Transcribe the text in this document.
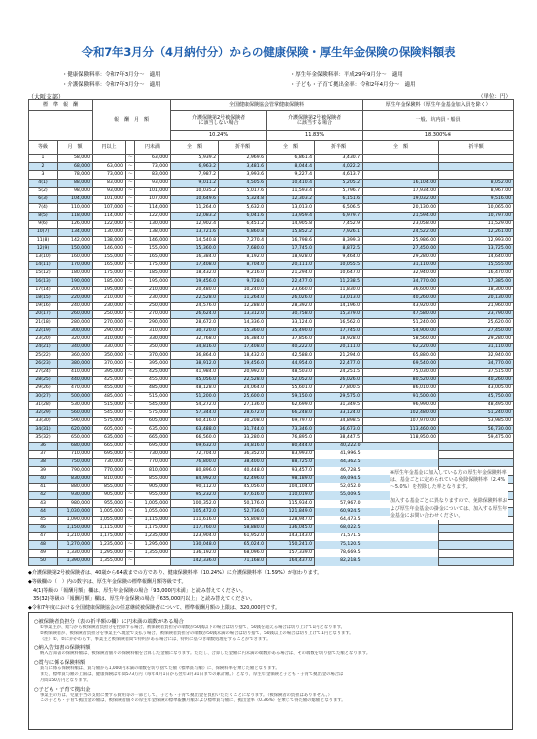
令和7年3月分（4月納付分）からの健康保険・厚生年金保険の保険料額表
・健康保険料率：令和7年3月分～　適用	・厚生年金保険料率：平成29年9月分～　適用
・介護保険料率：令和7年3月分～　適用	・子ども・子育て拠出金率：令和2年4月分～　適用
（大阪支部）	（単位：円）
標　準　報　酬		報　酬　月　額			全国健康保険協会管掌健康保険料				厚生年金保険料（厚生年金基金加入員を除く）	
					介護保険第2号被保険者
に該当しない場合		介護保険第2号被保険者
に該当する場合		一般、坑内員・船員	
					10.24%		11.83%		18.300%※	
等級	月　額	円以上		円未満	全　額	折半額	全　額	折半額	全　額	折半額
1	58,000		～	63,000	5,939.2	2,969.6	6,861.4	3,430.7		
2	68,000	63,000	～	73,000	6,963.2	3,481.6	8,044.4	4,022.2		
3	78,000	73,000	～	83,000	7,987.2	3,993.6	9,227.4	4,613.7		
4(1)	88,000	83,000	～	93,000	9,011.2	4,505.6	10,410.4	5,205.2	16,104.00	8,052.00
5(2)	98,000	93,000	～	101,000	10,035.2	5,017.6	11,593.4	5,796.7	17,934.00	8,967.00
6(3)	104,000	101,000	～	107,000	10,649.6	5,324.8	12,303.2	6,151.6	19,032.00	9,516.00
7(4)	110,000	107,000	～	114,000	11,264.0	5,632.0	13,013.0	6,506.5	20,130.00	10,065.00
8(5)	118,000	114,000	～	122,000	12,083.2	6,041.6	13,959.4	6,979.7	21,594.00	10,797.00
9(6)	126,000	122,000	～	130,000	12,902.4	6,451.2	14,905.8	7,452.9	23,058.00	11,529.00
10(7)	134,000	130,000	～	138,000	13,721.6	6,860.8	15,852.2	7,926.1	24,522.00	12,261.00
11(8)	142,000	138,000	～	146,000	14,540.8	7,270.4	16,798.6	8,399.3	25,986.00	12,993.00
12(9)	150,000	146,000	～	155,000	15,360.0	7,680.0	17,745.0	8,872.5	27,450.00	13,725.00
13(10)	160,000	155,000	～	165,000	16,384.0	8,192.0	18,928.0	9,464.0	29,280.00	14,640.00
14(11)	170,000	165,000	～	175,000	17,408.0	8,704.0	20,111.0	10,055.5	31,110.00	15,555.00
15(12)	180,000	175,000	～	185,000	18,432.0	9,216.0	21,294.0	10,647.0	32,940.00	16,470.00
16(13)	190,000	185,000	～	195,000	19,456.0	9,728.0	22,477.0	11,238.5	34,770.00	17,385.00
17(14)	200,000	195,000	～	210,000	20,480.0	10,240.0	23,660.0	11,830.0	36,600.00	18,300.00
18(15)	220,000	210,000	～	230,000	22,528.0	11,264.0	26,026.0	13,013.0	40,260.00	20,130.00
19(16)	240,000	230,000	～	250,000	24,576.0	12,288.0	28,392.0	14,196.0	43,920.00	21,960.00
20(17)	260,000	250,000	～	270,000	26,624.0	13,312.0	30,758.0	15,379.0	47,580.00	23,790.00
21(18)	280,000	270,000	～	290,000	28,672.0	14,336.0	33,124.0	16,562.0	51,240.00	25,620.00
22(19)	300,000	290,000	～	310,000	30,720.0	15,360.0	35,490.0	17,745.0	54,900.00	27,450.00
23(20)	320,000	310,000	～	330,000	32,768.0	16,384.0	37,856.0	18,928.0	58,560.00	29,280.00
24(21)	340,000	330,000	～	350,000	34,816.0	17,408.0	40,222.0	20,111.0	62,220.00	31,110.00
25(22)	360,000	350,000	～	370,000	36,864.0	18,432.0	42,588.0	21,294.0	65,880.00	32,940.00
26(23)	380,000	370,000	～	395,000	38,912.0	19,456.0	44,954.0	22,477.0	69,540.00	34,770.00
27(24)	410,000	395,000	～	425,000	41,984.0	20,992.0	48,503.0	24,251.5	75,030.00	37,515.00
28(25)	440,000	425,000	～	455,000	45,056.0	22,528.0	52,052.0	26,026.0	80,520.00	40,260.00
29(26)	470,000	455,000	～	485,000	48,128.0	24,064.0	55,601.0	27,800.5	86,010.00	43,005.00
30(27)	500,000	485,000	～	515,000	51,200.0	25,600.0	59,150.0	29,575.0	91,500.00	45,750.00
31(28)	530,000	515,000	～	545,000	54,272.0	27,136.0	62,699.0	31,349.5	96,990.00	48,495.00
32(29)	560,000	545,000	～	575,000	57,344.0	28,672.0	66,248.0	33,124.0	102,480.00	51,240.00
33(30)	590,000	575,000	～	605,000	60,416.0	30,208.0	69,797.0	34,898.5	107,970.00	53,985.00
34(31)	620,000	605,000	～	635,000	63,488.0	31,744.0	73,346.0	36,673.0	113,460.00	56,730.00
35(32)	650,000	635,000	～	665,000	66,560.0	33,280.0	76,895.0	38,447.5	118,950.00	59,475.00
36	680,000	665,000	～	695,000	69,632.0	34,816.0	80,444.0	40,222.0		
37	710,000	695,000	～	730,000	72,704.0	36,352.0	83,993.0	41,996.5		
38	750,000	730,000	～	770,000	76,800.0	38,400.0	88,725.0	44,362.5		
39	790,000	770,000	～	810,000	80,896.0	40,448.0	93,457.0	46,728.5		
40	830,000	810,000	～	855,000	84,992.0	42,496.0	98,189.0	49,094.5		
41	880,000	855,000	～	905,000	90,112.0	45,056.0	104,104.0	52,052.0		
42	930,000	905,000	～	955,000	95,232.0	47,616.0	110,019.0	55,009.5		
43	980,000	955,000	～	1,005,000	100,352.0	50,176.0	115,934.0	57,967.0		
44	1,030,000	1,005,000	～	1,055,000	105,472.0	52,736.0	121,849.0	60,924.5		
45	1,090,000	1,055,000	～	1,115,000	111,616.0	55,808.0	128,947.0	64,473.5		
46	1,150,000	1,115,000	～	1,175,000	117,760.0	58,880.0	136,045.0	68,022.5		
47	1,210,000	1,175,000	～	1,235,000	123,904.0	61,952.0	143,143.0	71,571.5		
48	1,270,000	1,235,000	～	1,295,000	130,048.0	65,024.0	150,241.0	75,120.5		
49	1,330,000	1,295,000	～	1,355,000	136,192.0	68,096.0	157,339.0	78,669.5		
50	1,390,000	1,355,000	～		142,336.0	71,168.0	164,437.0	82,218.5		
※厚生年金基金に加入している方の厚生年金保険料率は、基金ごとに定められている免除保険料率（2.4%～5.0%）を控除した率となります。

加入する基金ごとに異なりますので、免除保険料率および厚生年金基金の掛金については、加入する厚生年金基金にお問い合わせください。
◆介護保険第2号被保険者は、40歳から64歳までの方であり、健康保険料率（10.24%）に介護保険料率（1.59%）が加わります。
◆等級欄の（　）内の数字は、厚生年金保険の標準報酬月額等級です。
　4(1)等級の「報酬月額」欄は、厚生年金保険の場合「93,000円未満」と読み替えてください。
　35(32)等級の「報酬月額」欄は、厚生年金保険の場合「635,000円以上」と読み替えてください。
◆令和7年度における全国健康保険協会の任意継続被保険者について、標準報酬月額の上限は、320,000円です。
○被保険者負担分（表の折半額の欄）に円未満の端数がある場合
①事業主が、給与から被保険者負担分を控除する場合、被保険者負担分の端数が50銭以下の場合は切り捨て、50銭を超える場合は切り上げて1円となります。
②被保険者が、被保険者負担分を事業主へ現金で支払う場合、被保険者負担分の端数が50銭未満の場合は切り捨て、50銭以上の場合は切り上げて1円となります。
（注）①、②にかかわらず、事業主と被保険者間で特約がある場合には、特約に基づき端数処理をすることができます。
○納入告知書の保険料額
納入告知書の保険料額は、被保険者個々の保険料額を合算した金額になります。ただし、合算した金額に円未満の端数がある場合は、その端数を切り捨てた額となります。
○賞与に係る保険料額
賞与に係る保険料額は、賞与額から1,000円未満の端数を切り捨てた額（標準賞与額）に、保険料率を乗じた額となります。
また、標準賞与額の上限は、健康保険は年間573万円（毎年4月1日から翌年3月31日までの累計額。）となり、厚生年金保険と子ども・子育て拠出金の場合は
月間150万円となります。
○子ども・子育て拠出金
事業主の方は、児童手当の支給に要する費用等の一部として、子ども・子育て拠出金を負担いただくことになります。（被保険者の負担はありません。）
この子ども・子育て拠出金の額は、被保険者個々の厚生年金保険の標準報酬月額および標準賞与額に、拠出金率（0.36%）を乗じて得た額の総額となります。
